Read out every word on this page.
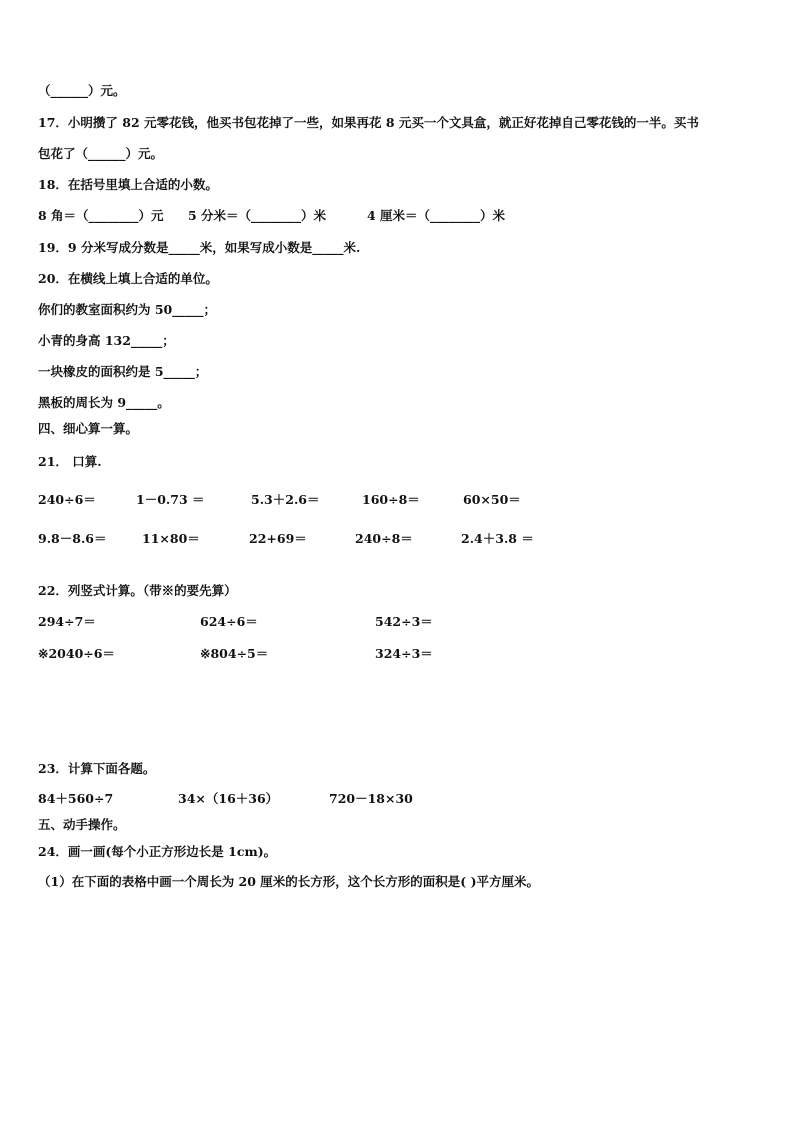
（______）元。
17．小明攒了 82 元零花钱，他买书包花掉了一些，如果再花 8 元买一个文具盒，就正好花掉自己零花钱的一半。买书
包花了（______）元。
18．在括号里填上合适的小数。
8 角＝（________）元 5 分米＝（________）米	4 厘米＝（________）米
19．9 分米写成分数是_____米，如果写成小数是_____米.
20．在横线上填上合适的单位。
你们的教室面积约为 50_____；
小青的身高 132_____；
一块橡皮的面积约是 5_____；
黑板的周长为 9_____。
四、细心算一算。
21． 口算.
240÷6＝	1－0.73 ＝	5.3＋2.6＝	160÷8＝	60×50＝
9.8－8.6＝	11×80＝	22+69＝	240÷8＝	2.4＋3.8 ＝
22．列竖式计算。（带※的要先算）
294÷7＝	624÷6＝	542÷3＝
※2040÷6＝	※804÷5＝	324÷3＝
23．计算下面各题。
84＋560÷7	34×（16＋36）	720－18×30
五、动手操作。
24．画一画(每个小正方形边长是 1cm)。
（1）在下面的表格中画一个周长为 20 厘米的长方形，这个长方形的面积是( )平方厘米。
